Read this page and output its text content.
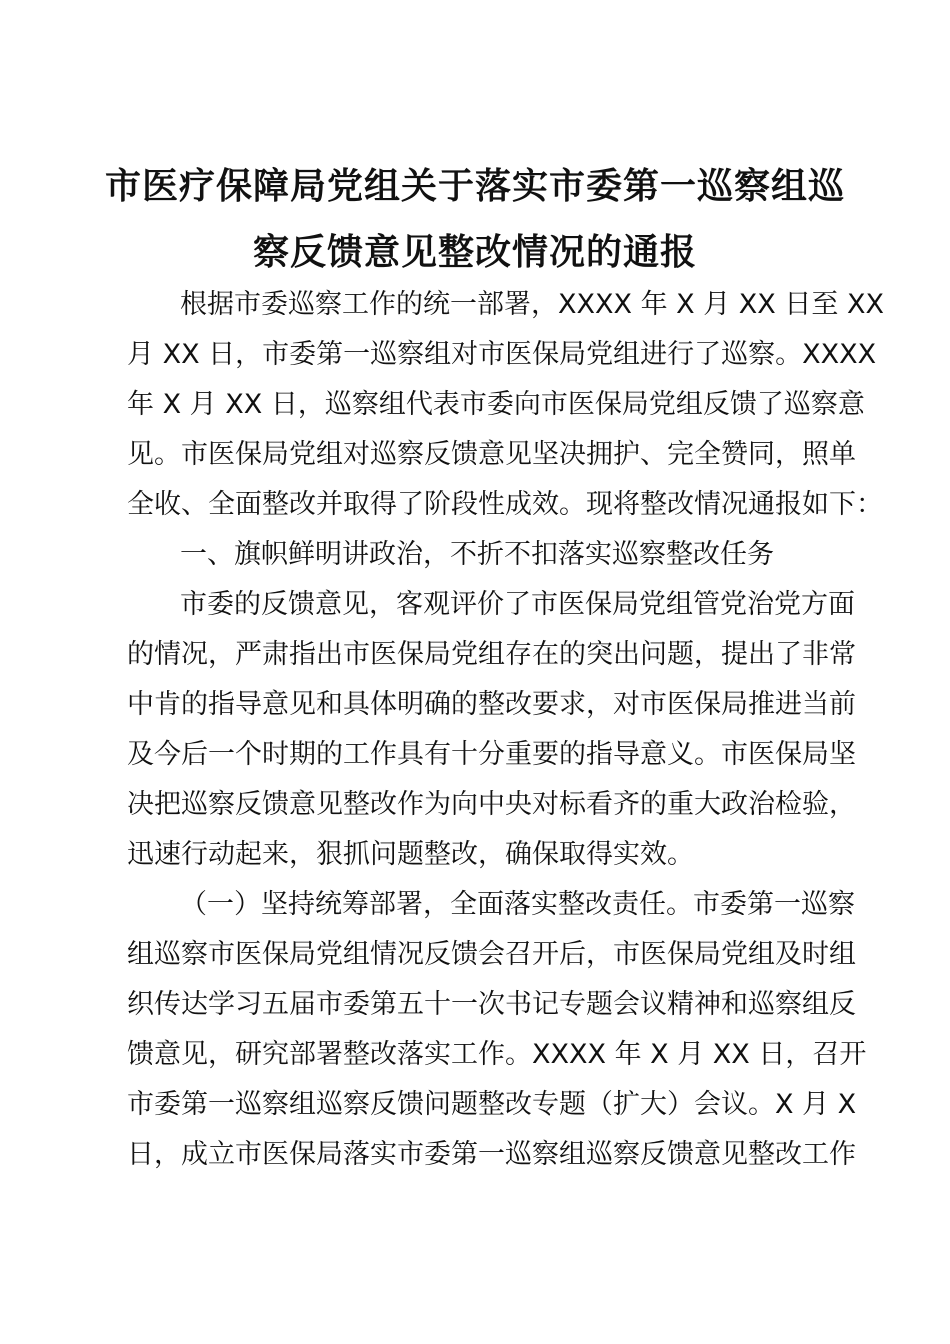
市医疗保障局党组关于落实市委第一巡察组巡
察反馈意见整改情况的通报

根据市委巡察工作的统一部署，XXXX 年 X 月 XX 日至 XX

月 XX 日，市委第一巡察组对市医保局党组进行了巡察。XXXX

年 X 月 XX 日，巡察组代表市委向市医保局党组反馈了巡察意

见。市医保局党组对巡察反馈意见坚决拥护、完全赞同，照单

全收、全面整改并取得了阶段性成效。现将整改情况通报如下：

一、旗帜鲜明讲政治，不折不扣落实巡察整改任务

市委的反馈意见，客观评价了市医保局党组管党治党方面

的情况，严肃指出市医保局党组存在的突出问题，提出了非常

中肯的指导意见和具体明确的整改要求，对市医保局推进当前

及今后一个时期的工作具有十分重要的指导意义。市医保局坚

决把巡察反馈意见整改作为向中央对标看齐的重大政治检验，

迅速行动起来，狠抓问题整改，确保取得实效。

（一）坚持统筹部署，全面落实整改责任。市委第一巡察

组巡察市医保局党组情况反馈会召开后，市医保局党组及时组

织传达学习五届市委第五十一次书记专题会议精神和巡察组反

馈意见，研究部署整改落实工作。XXXX 年 X 月 XX 日，召开

市委第一巡察组巡察反馈问题整改专题（扩大）会议。X 月 X

日，成立市医保局落实市委第一巡察组巡察反馈意见整改工作
